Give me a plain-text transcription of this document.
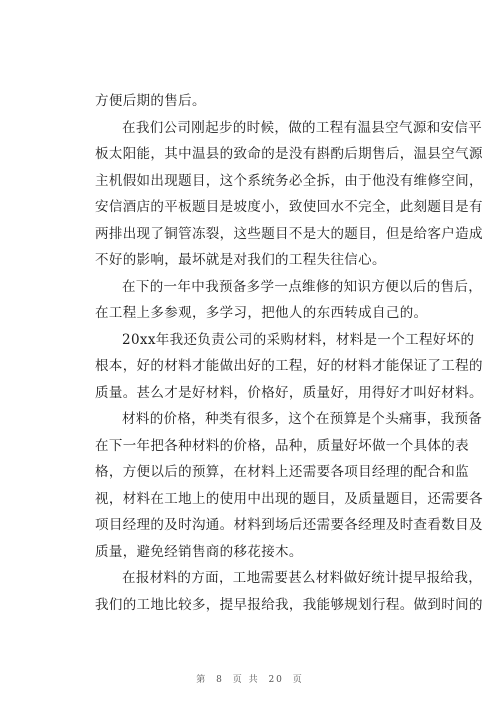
方便后期的售后。
在我们公司刚起步的时候，做的工程有温县空气源和安信平
板太阳能，其中温县的致命的是没有斟酌后期售后，温县空气源
主机假如出现题目，这个系统务必全拆，由于他没有维修空间，
安信酒店的平板题目是坡度小，致使回水不完全，此刻题目是有
两排出现了铜管冻裂，这些题目不是大的题目，但是给客户造成
不好的影响，最坏就是对我们的工程失往信心。
在下的一年中我预备多学一点维修的知识方便以后的售后，
在工程上多参观，多学习，把他人的东西转成自己的。
20xx年我还负责公司的采购材料，材料是一个工程好坏的
根本，好的材料才能做出好的工程，好的材料才能保证了工程的
质量。甚么才是好材料，价格好，质量好，用得好才叫好材料。
材料的价格，种类有很多，这个在预算是个头痛事，我预备
在下一年把各种材料的价格，品种，质量好坏做一个具体的表
格，方便以后的预算，在材料上还需要各项目经理的配合和监
视，材料在工地上的使用中出现的题目，及质量题目，还需要各
项目经理的及时沟通。材料到场后还需要各经理及时查看数目及
质量，避免经销售商的移花接木。
在报材料的方面，工地需要甚么材料做好统计提早报给我，
我们的工地比较多，提早报给我，我能够规划行程。做到时间的
第 8 页 共 20 页
